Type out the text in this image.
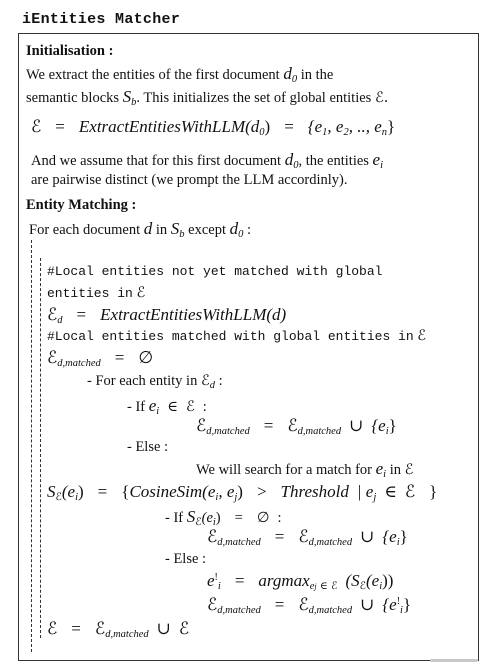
iEntities Matcher
Initialisation :
We extract the entities of the first document $d_0$ in the
semantic blocks $S_b$. This initializes the set of global entities ℰ.
ℰ = $ExtractEntitiesWithLLM(d_0) = \{e_1$, $e_2$, .., $e_n$}
And we assume that for this first document $d_0$, the entities $e_i$
are pairwise distinct (we prompt the LLM accordinly).
Entity Matching :
For each document d in $S_b$ except $d_0$ :
#Local entities not yet matched with global
entities in ℰ
ℰ$_d$ = ExtractEntitiesWithLLM(d)
#Local entities matched with global entities in ℰ
ℰ$_{d,matched}$ = ∅
- For each entity in ℰ$_d$ :
- If $e_i$ ∈ ℰ :
ℰ$_{d,matched}$ = ℰ$_{d,matched}$ ∪ $\{e_i\}$
- Else :
We will search for a match for $e_i$ in ℰ
$S_ℰ(e_i)$ = {$CosineSim(e_i$, $e_j$) > Threshold | $e_j$ ∈ ℰ }
- If $S_ℰ(e_i)$ = ∅ :
ℰ$_{d,matched}$ = ℰ$_{d,matched}$ ∪ $\{e_i\}$
- Else :
$e^!_i = argmax_{ej}$ $_{\in ℰ}$ $(S_ℰ(e_i))$
ℰ$_{d,matched}$ = ℰ$_{d,matched}$ ∪ $\{e^!_i\}$
ℰ = ℰ$_{d,matched}$ ∪ ℰ
